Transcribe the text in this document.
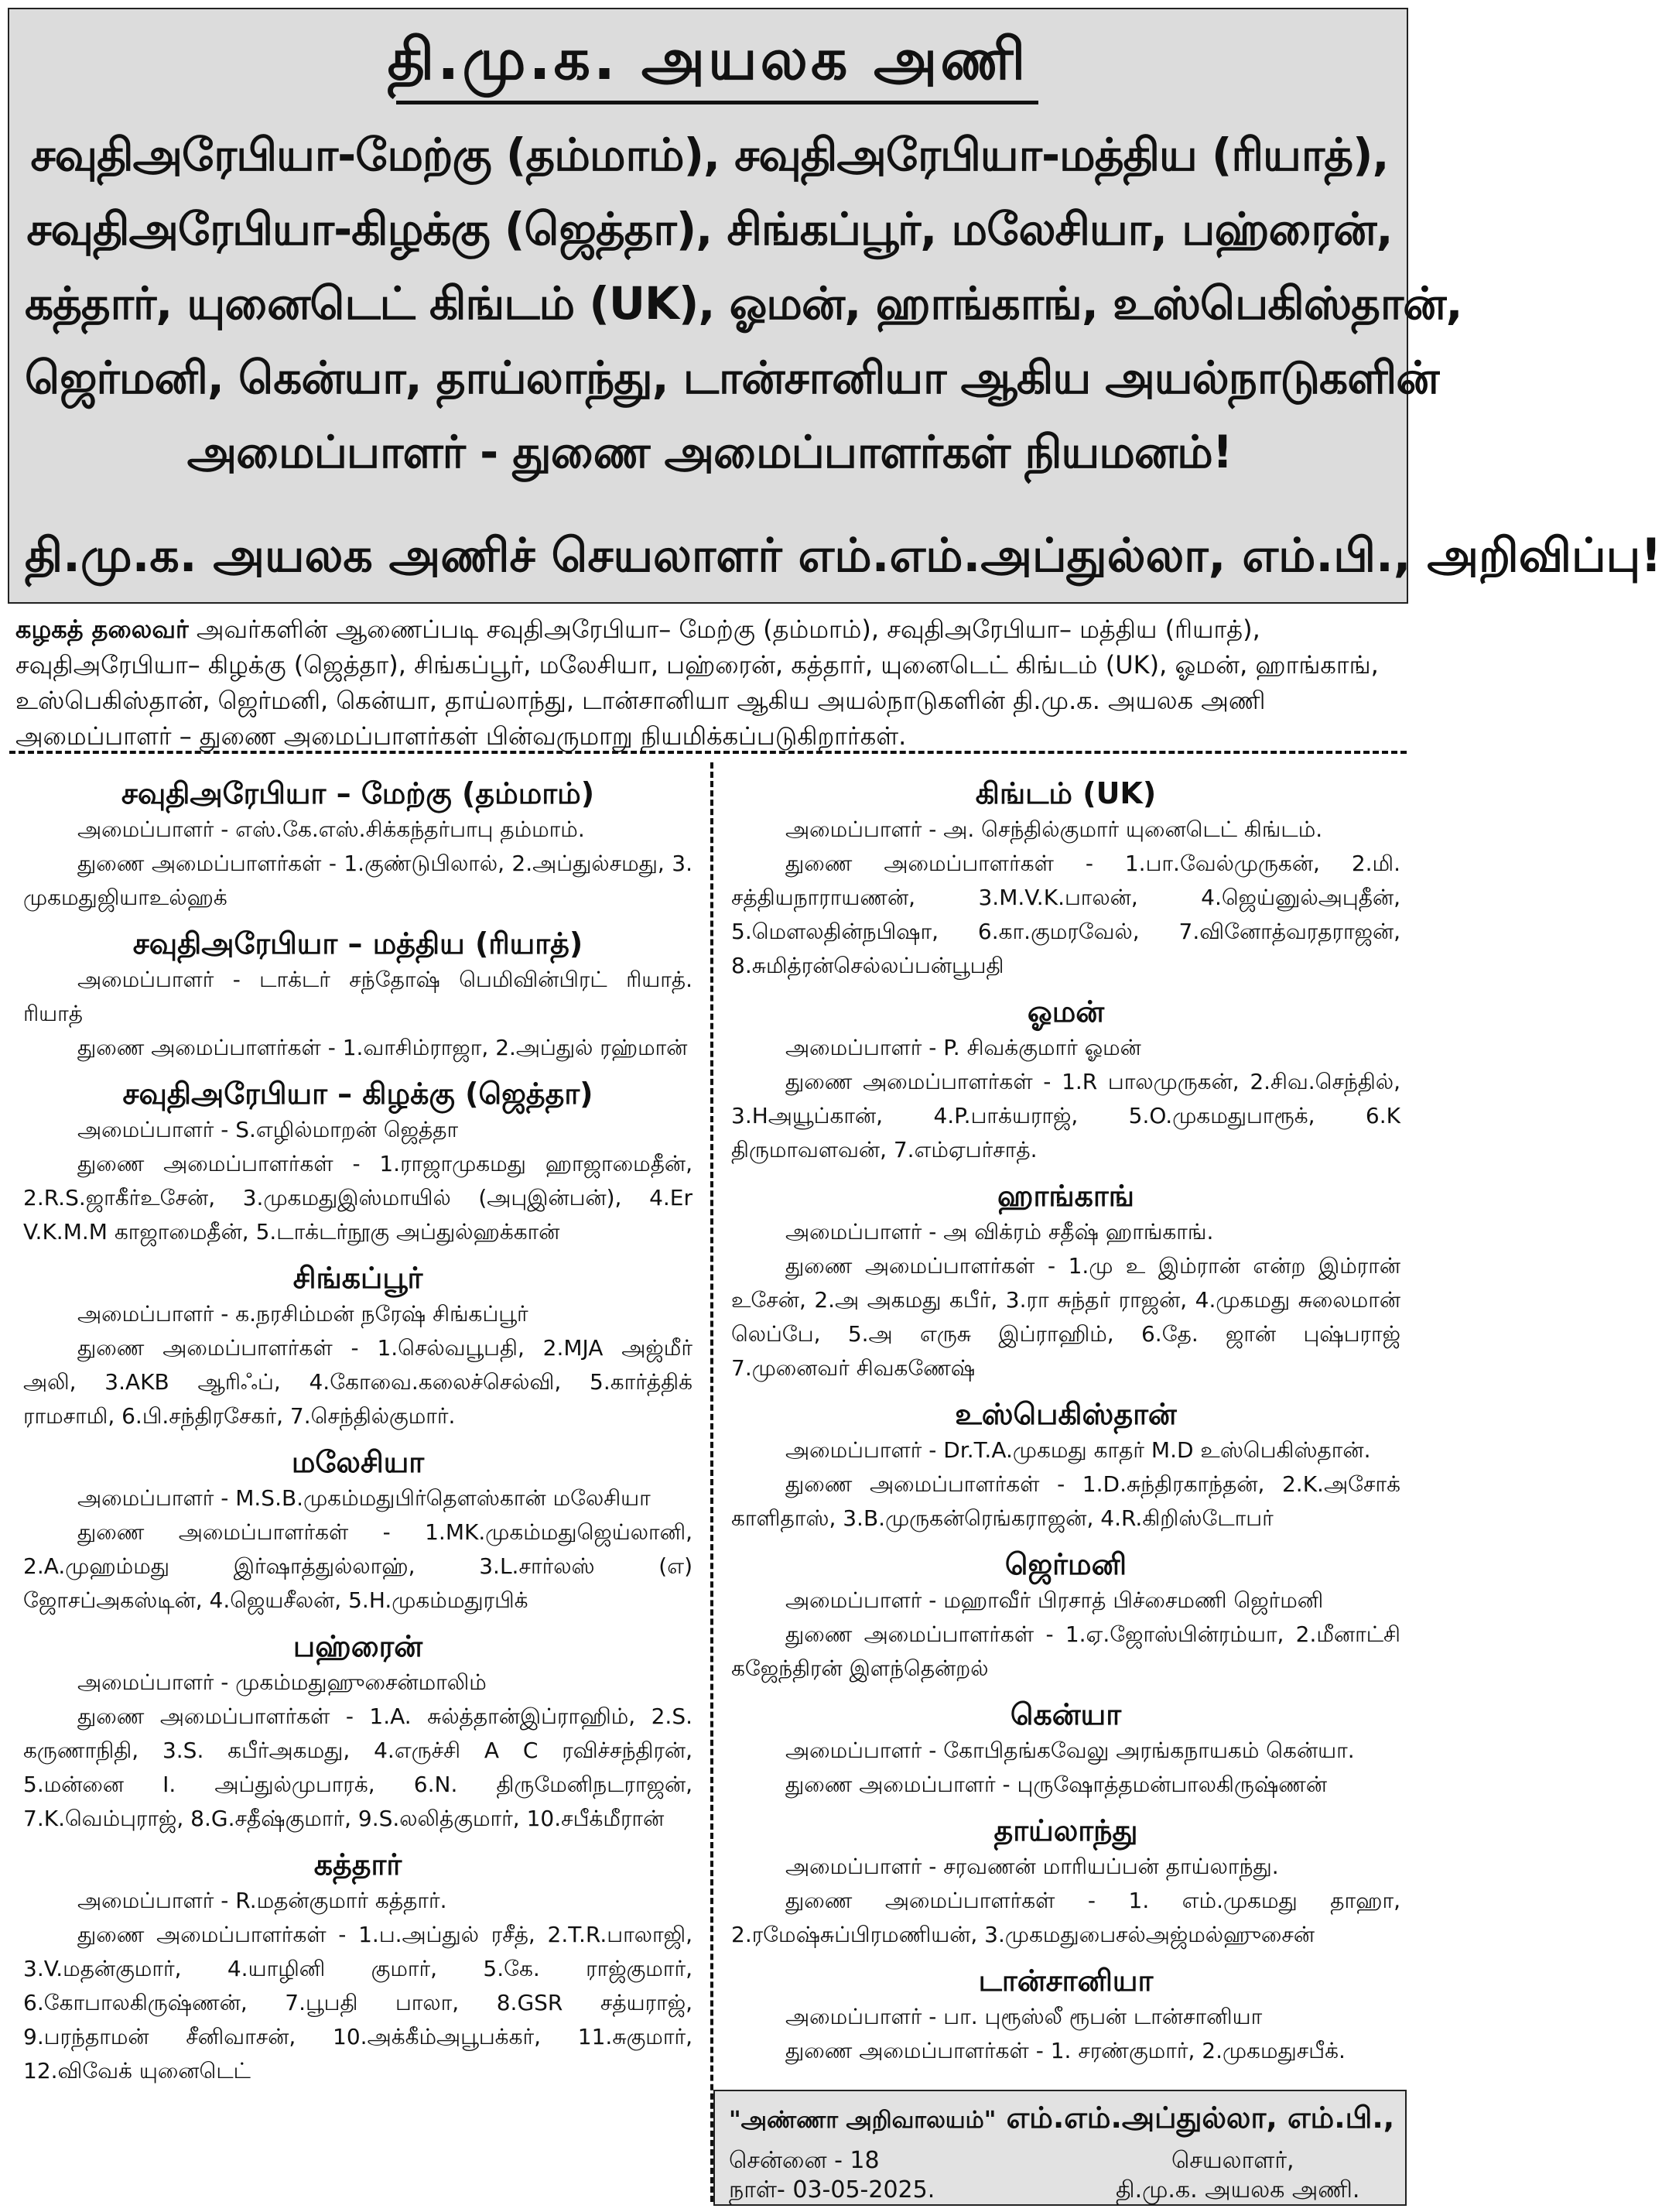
தி.மு.க. அயலக அணி
சவுதிஅரேபியா-மேற்கு (தம்மாம்), சவுதிஅரேபியா-மத்திய (ரியாத்),
சவுதிஅரேபியா-கிழக்கு (ஜெத்தா), சிங்கப்பூர், மலேசியா, பஹ்ரைன்,
கத்தார், யுனைடெட் கிங்டம் (UK), ஓமன், ஹாங்காங், உஸ்பெகிஸ்தான்,
ஜெர்மனி, கென்யா, தாய்லாந்து, டான்சானியா ஆகிய அயல்நாடுகளின்
அமைப்பாளர் - துணை அமைப்பாளர்கள் நியமனம்!
தி.மு.க. அயலக அணிச் செயலாளர் எம்.எம்.அப்துல்லா, எம்.பி., அறிவிப்பு!
கழகத் தலைவர் அவர்களின் ஆணைப்படி சவுதிஅரேபியா– மேற்கு (தம்மாம்), சவுதிஅரேபியா– மத்திய (ரியாத்), சவுதிஅரேபியா– கிழக்கு (ஜெத்தா), சிங்கப்பூர், மலேசியா, பஹ்ரைன், கத்தார், யுனைடெட் கிங்டம் (UK), ஓமன், ஹாங்காங், உஸ்பெகிஸ்தான், ஜெர்மனி, கென்யா, தாய்லாந்து, டான்சானியா ஆகிய அயல்நாடுகளின் தி.மு.க. அயலக அணி அமைப்பாளர் – துணை அமைப்பாளர்கள் பின்வருமாறு நியமிக்கப்படுகிறார்கள்.
சவுதிஅரேபியா – மேற்கு (தம்மாம்)

அமைப்பாளர் - எஸ்.கே.எஸ்.சிக்கந்தர்பாபு தம்மாம்.

துணை அமைப்பாளர்கள் - 1.குண்டுபிலால், 2.அப்துல்சமது, 3. முகமதுஜியாஉல்ஹக்

சவுதிஅரேபியா – மத்திய (ரியாத்)

அமைப்பாளர் - டாக்டர் சந்தோஷ் பெமிவின்பிரட் ரியாத். ரியாத்

துணை அமைப்பாளர்கள் - 1.வாசிம்ராஜா, 2.அப்துல் ரஹ்மான்

சவுதிஅரேபியா – கிழக்கு (ஜெத்தா)

அமைப்பாளர் - S.எழில்மாறன் ஜெத்தா

துணை அமைப்பாளர்கள் - 1.ராஜாமுகமது ஹாஜாமைதீன், 2.R.S.ஜாகீர்உசேன், 3.முகமதுஇஸ்மாயில் (அபுஇன்பன்), 4.Er V.K.M.M காஜாமைதீன், 5.டாக்டர்நூகு அப்துல்ஹக்கான்

சிங்கப்பூர்

அமைப்பாளர் - க.நரசிம்மன் நரேஷ் சிங்கப்பூர்

துணை அமைப்பாளர்கள் - 1.செல்வபூபதி, 2.MJA அஜ்மீர் அலி, 3.AKB ஆரிஃப், 4.கோவை.கலைச்செல்வி, 5.கார்த்திக் ராமசாமி, 6.பி.சந்திரசேகர், 7.செந்தில்குமார்.

மலேசியா

அமைப்பாளர் - M.S.B.முகம்மதுபிர்தௌஸ்கான் மலேசியா

துணை அமைப்பாளர்கள் - 1.MK.முகம்மதுஜெய்லானி, 2.A.முஹம்மது இர்ஷாத்துல்லாஹ், 3.L.சார்லஸ் (எ) ஜோசப்அகஸ்டின், 4.ஜெயசீலன், 5.H.முகம்மதுரபிக்

பஹ்ரைன்

அமைப்பாளர் - முகம்மதுஹுசைன்மாலிம்

துணை அமைப்பாளர்கள் - 1.A. சுல்த்தான்இப்ராஹிம், 2.S. கருணாநிதி, 3.S. கபீர்அகமது, 4.எருச்சி A C ரவிச்சந்திரன், 5.மன்னை I. அப்துல்முபாரக், 6.N. திருமேனிநடராஜன், 7.K.வெம்புராஜ், 8.G.சதீஷ்குமார், 9.S.லலித்குமார், 10.சபீக்மீரான்

கத்தார்

அமைப்பாளர் - R.மதன்குமார் கத்தார்.

துணை அமைப்பாளர்கள் - 1.ப.அப்துல் ரசீத், 2.T.R.பாலாஜி, 3.V.மதன்குமார், 4.யாழினி குமார், 5.கே. ராஜ்குமார், 6.கோபாலகிருஷ்ணன், 7.பூபதி பாலா, 8.GSR சத்யராஜ், 9.பரந்தாமன் சீனிவாசன், 10.அக்கீம்அபூபக்கர், 11.சுகுமார், 12.விவேக் யுனைடெட்

கிங்டம் (UK)

அமைப்பாளர் - அ. செந்தில்குமார் யுனைடெட் கிங்டம்.

துணை அமைப்பாளர்கள் - 1.பா.வேல்முருகன், 2.மி. சத்தியநாராயணன், 3.M.V.K.பாலன், 4.ஜெய்னுல்அபுதீன், 5.மௌலதின்நபிஷா, 6.கா.குமரவேல், 7.வினோத்வரதராஜன், 8.சுமித்ரன்செல்லப்பன்பூபதி

ஓமன்

அமைப்பாளர் - P. சிவக்குமார் ஓமன்

துணை அமைப்பாளர்கள் - 1.R பாலமுருகன், 2.சிவ.செந்தில், 3.Hஅயூப்கான், 4.P.பாக்யராஜ், 5.O.முகமதுபாரூக், 6.K திருமாவளவன், 7.எம்ஏபர்சாத்.

ஹாங்காங்

அமைப்பாளர் - அ விக்ரம் சதீஷ் ஹாங்காங்.

துணை அமைப்பாளர்கள் - 1.மு உ இம்ரான் என்ற இம்ரான் உசேன், 2.அ அகமது கபீர், 3.ரா சுந்தர் ராஜன், 4.முகமது சுலைமான் லெப்பே, 5.அ எருசு இப்ராஹிம், 6.தே. ஜான் புஷ்பராஜ் 7.முனைவர் சிவகணேஷ்

உஸ்பெகிஸ்தான்

அமைப்பாளர் - Dr.T.A.முகமது காதர் M.D உஸ்பெகிஸ்தான்.

துணை அமைப்பாளர்கள் - 1.D.சுந்திரகாந்தன், 2.K.அசோக் காளிதாஸ், 3.B.முருகன்ரெங்கராஜன், 4.R.கிறிஸ்டோபர்

ஜெர்மனி

அமைப்பாளர் - மஹாவீர் பிரசாத் பிச்சைமணி ஜெர்மனி

துணை அமைப்பாளர்கள் - 1.ஏ.ஜோஸ்பின்ரம்யா, 2.மீனாட்சி கஜேந்திரன் இளந்தென்றல்

கென்யா

அமைப்பாளர் - கோபிதங்கவேலு அரங்கநாயகம் கென்யா.

துணை அமைப்பாளர் - புருஷோத்தமன்பாலகிருஷ்ணன்

தாய்லாந்து

அமைப்பாளர் - சரவணன் மாரியப்பன் தாய்லாந்து.

துணை அமைப்பாளர்கள் - 1. எம்.முகமது தாஹா, 2.ரமேஷ்சுப்பிரமணியன், 3.முகமதுபைசல்அஜ்மல்ஹுசைன்

டான்சானியா

அமைப்பாளர் - பா. புரூஸ்லீ ரூபன் டான்சானியா

துணை அமைப்பாளர்கள் - 1. சரண்குமார், 2.முகமதுசபீக்.

"அண்ணா அறிவாலயம்" எம்.எம்.அப்துல்லா, எம்.பி.,
சென்னை - 18
நாள்- 03-05-2025.
செயலாளர்,
தி.மு.க. அயலக அணி.
